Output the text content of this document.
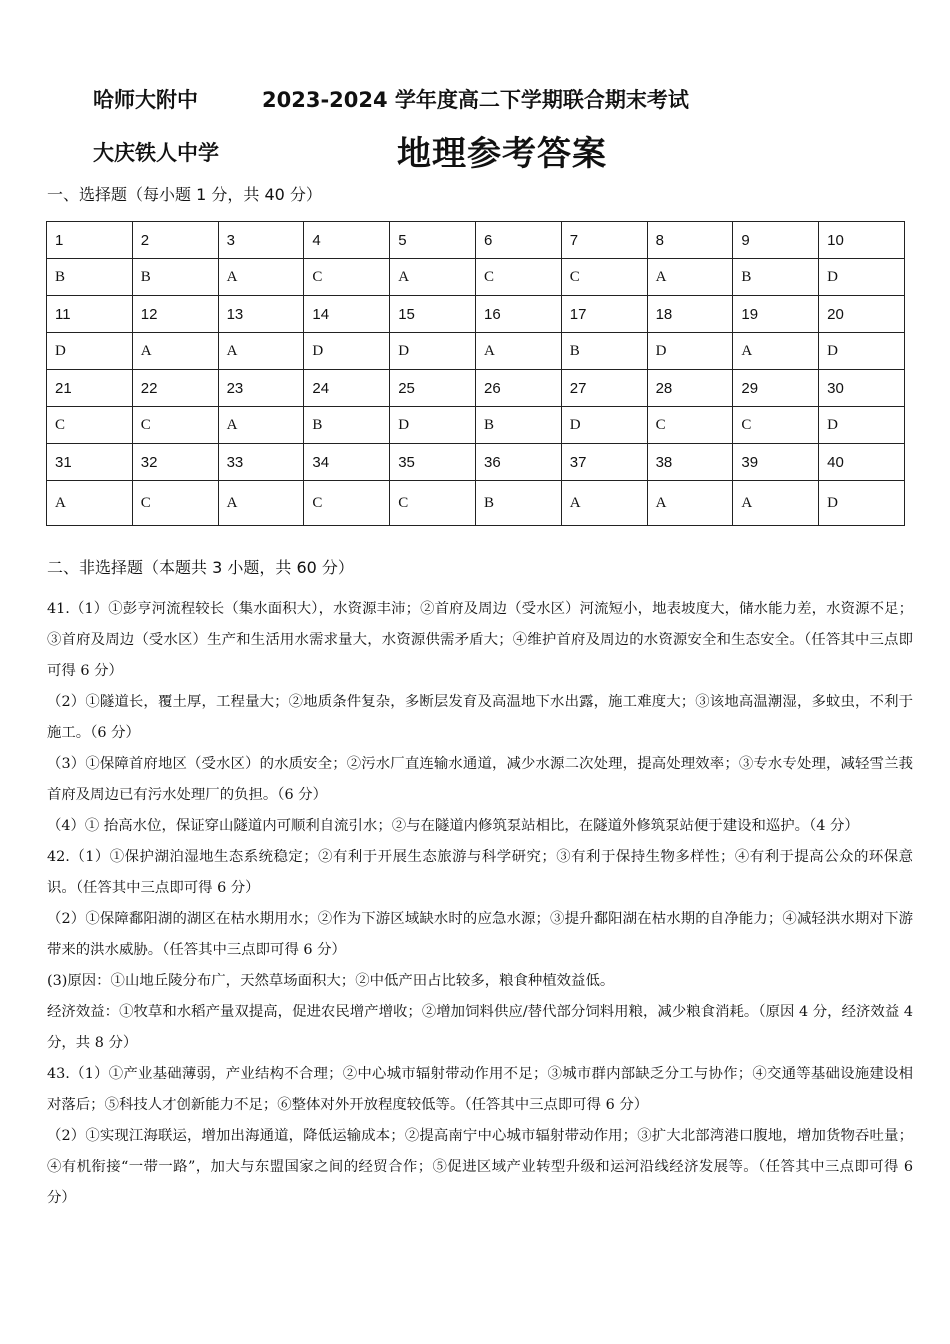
哈师大附中	2023-2024 学年度高二下学期联合期末考试
大庆铁人中学	地理参考答案
一、选择题（每小题 1 分，共 40 分）
1	2	3	4	5	6	7	8	9	10
B	B	A	C	A	C	C	A	B	D
11	12	13	14	15	16	17	18	19	20
D	A	A	D	D	A	B	D	A	D
21	22	23	24	25	26	27	28	29	30
C	C	A	B	D	B	D	C	C	D
31	32	33	34	35	36	37	38	39	40
A	C	A	C	C	B	A	A	A	D
二、非选择题（本题共 3 小题，共 60 分）

41.（1）①彭亨河流程较长（集水面积大），水资源丰沛；②首府及周边（受水区）河流短小，地表坡度大，储水能力差，水资源不足；③首府及周边（受水区）生产和生活用水需求量大，水资源供需矛盾大；④维护首府及周边的水资源安全和生态安全。（任答其中三点即可得 6 分）

（2）①隧道长，覆土厚，工程量大；②地质条件复杂，多断层发育及高温地下水出露，施工难度大；③该地高温潮湿，多蚊虫，不利于施工。（6 分）

（3）①保障首府地区（受水区）的水质安全；②污水厂直连输水通道，减少水源二次处理，提高处理效率；③专水专处理，减轻雪兰莪首府及周边已有污水处理厂的负担。（6 分）

（4）① 抬高水位，保证穿山隧道内可顺利自流引水；②与在隧道内修筑泵站相比，在隧道外修筑泵站便于建设和巡护。（4 分）

42.（1）①保护湖泊湿地生态系统稳定；②有利于开展生态旅游与科学研究；③有利于保持生物多样性；④有利于提高公众的环保意识。（任答其中三点即可得 6 分）

（2）①保障鄱阳湖的湖区在枯水期用水；②作为下游区域缺水时的应急水源；③提升鄱阳湖在枯水期的自净能力；④减轻洪水期对下游带来的洪水威胁。（任答其中三点即可得 6 分）

(3)原因：①山地丘陵分布广，天然草场面积大；②中低产田占比较多，粮食种植效益低。

经济效益：①牧草和水稻产量双提高，促进农民增产增收；②增加饲料供应/替代部分饲料用粮，减少粮食消耗。（原因 4 分，经济效益 4 分，共 8 分）

43.（1）①产业基础薄弱，产业结构不合理；②中心城市辐射带动作用不足；③城市群内部缺乏分工与协作；④交通等基础设施建设相对落后；⑤科技人才创新能力不足；⑥整体对外开放程度较低等。（任答其中三点即可得 6 分）

（2）①实现江海联运，增加出海通道，降低运输成本；②提高南宁中心城市辐射带动作用；③扩大北部湾港口腹地，增加货物吞吐量；④有机衔接“一带一路”，加大与东盟国家之间的经贸合作；⑤促进区域产业转型升级和运河沿线经济发展等。（任答其中三点即可得 6 分）
